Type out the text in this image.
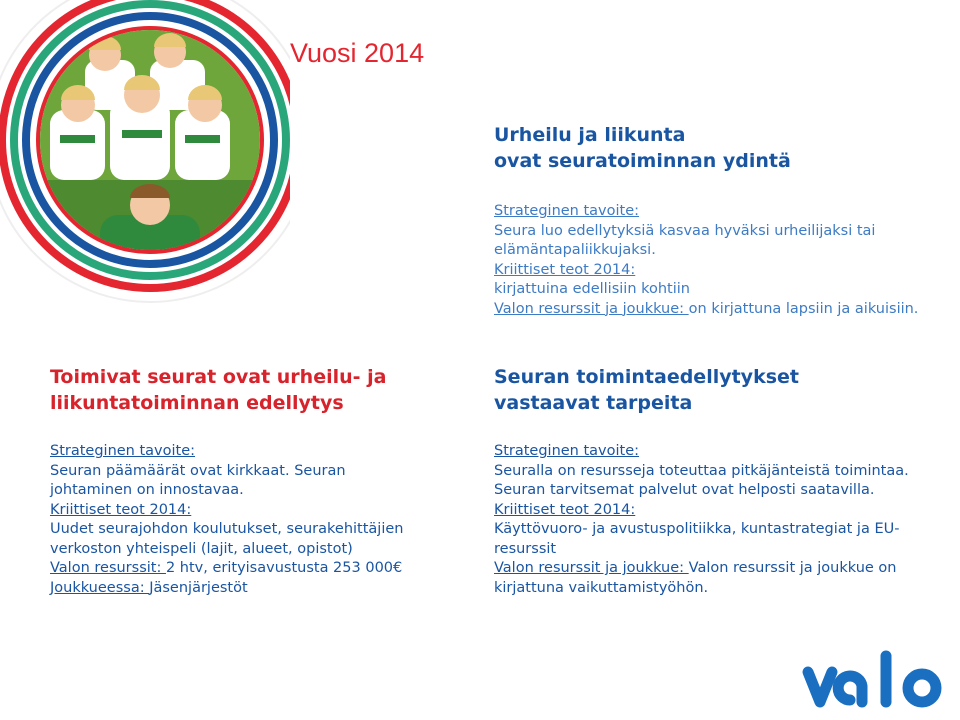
Vuosi 2014
Urheilu ja liikunta
ovat seuratoiminnan ydintä
Strateginen tavoite:
Seura luo edellytyksiä kasvaa hyväksi urheilijaksi tai
elämäntapaliikkujaksi.
Kriittiset teot 2014:
kirjattuina edellisiin kohtiin
Valon resurssit ja joukkue: on kirjattuna lapsiin ja aikuisiin.
Toimivat seurat ovat urheilu- ja
liikuntatoiminnan edellytys
Strateginen tavoite:
Seuran päämäärät ovat kirkkaat. Seuran
johtaminen on innostavaa.
Kriittiset teot 2014:
Uudet seurajohdon koulutukset, seurakehittäjien
verkoston yhteispeli (lajit, alueet, opistot)
Valon resurssit: 2 htv, erityisavustusta 253 000€
Joukkueessa: Jäsenjärjestöt
Seuran toimintaedellytykset
vastaavat tarpeita
Strateginen tavoite:
Seuralla on resursseja toteuttaa pitkäjänteistä toimintaa.
Seuran tarvitsemat palvelut ovat helposti saatavilla.
Kriittiset teot 2014:
Käyttövuoro- ja avustuspolitiikka, kuntastrategiat ja EU-
resurssit
Valon resurssit ja joukkue: Valon resurssit ja joukkue on
kirjattuna vaikuttamistyöhön.
